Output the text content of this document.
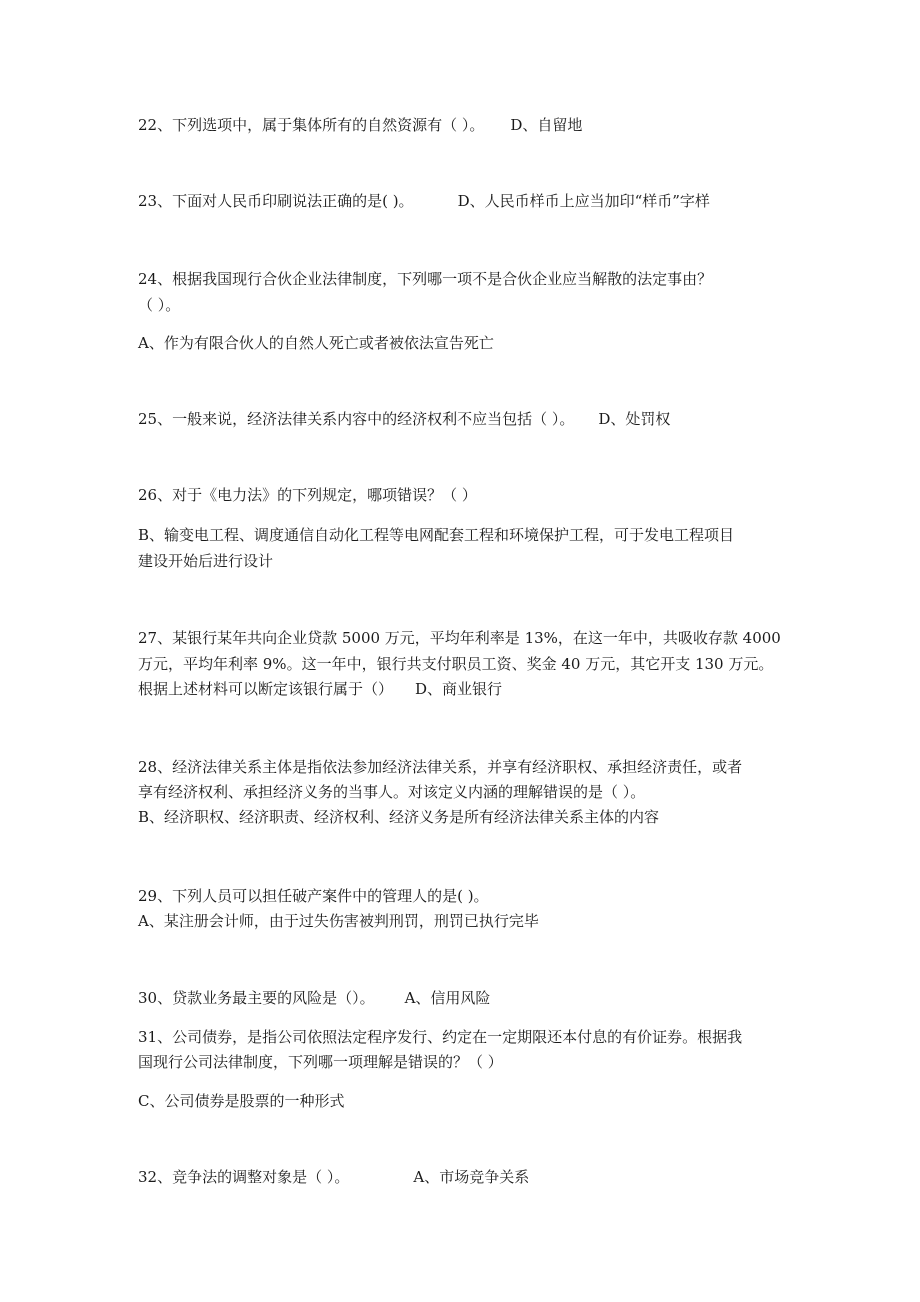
22、下列选项中，属于集体所有的自然资源有（ ）。 D、自留地
23、下面对人民币印刷说法正确的是( )。	D、人民币样币上应当加印“样币”字样
24、根据我国现行合伙企业法律制度，下列哪一项不是合伙企业应当解散的法定事由？
（ ）。
A、作为有限合伙人的自然人死亡或者被依法宣告死亡
25、一般来说，经济法律关系内容中的经济权利不应当包括（ ）。 D、处罚权
26、对于《电力法》的下列规定，哪项错误？（ ）
B、输变电工程、调度通信自动化工程等电网配套工程和环境保护工程，可于发电工程项目
建设开始后进行设计
27、某银行某年共向企业贷款 5000 万元，平均年利率是 13%，在这一年中，共吸收存款 4000
万元，平均年利率 9%。这一年中，银行共支付职员工资、奖金 40 万元，其它开支 130 万元。
根据上述材料可以断定该银行属于（） D、商业银行
28、经济法律关系主体是指依法参加经济法律关系，并享有经济职权、承担经济责任，或者
享有经济权利、承担经济义务的当事人。对该定义内涵的理解错误的是（ ）。
B、经济职权、经济职责、经济权利、经济义务是所有经济法律关系主体的内容
29、下列人员可以担任破产案件中的管理人的是( )。
A、某注册会计师，由于过失伤害被判刑罚，刑罚已执行完毕
30、贷款业务最主要的风险是（）。 A、信用风险
31、公司债券，是指公司依照法定程序发行、约定在一定期限还本付息的有价证券。根据我
国现行公司法律制度，下列哪一项理解是错误的？（ ）
C、公司债券是股票的一种形式
32、竞争法的调整对象是（ ）。	A、市场竞争关系
